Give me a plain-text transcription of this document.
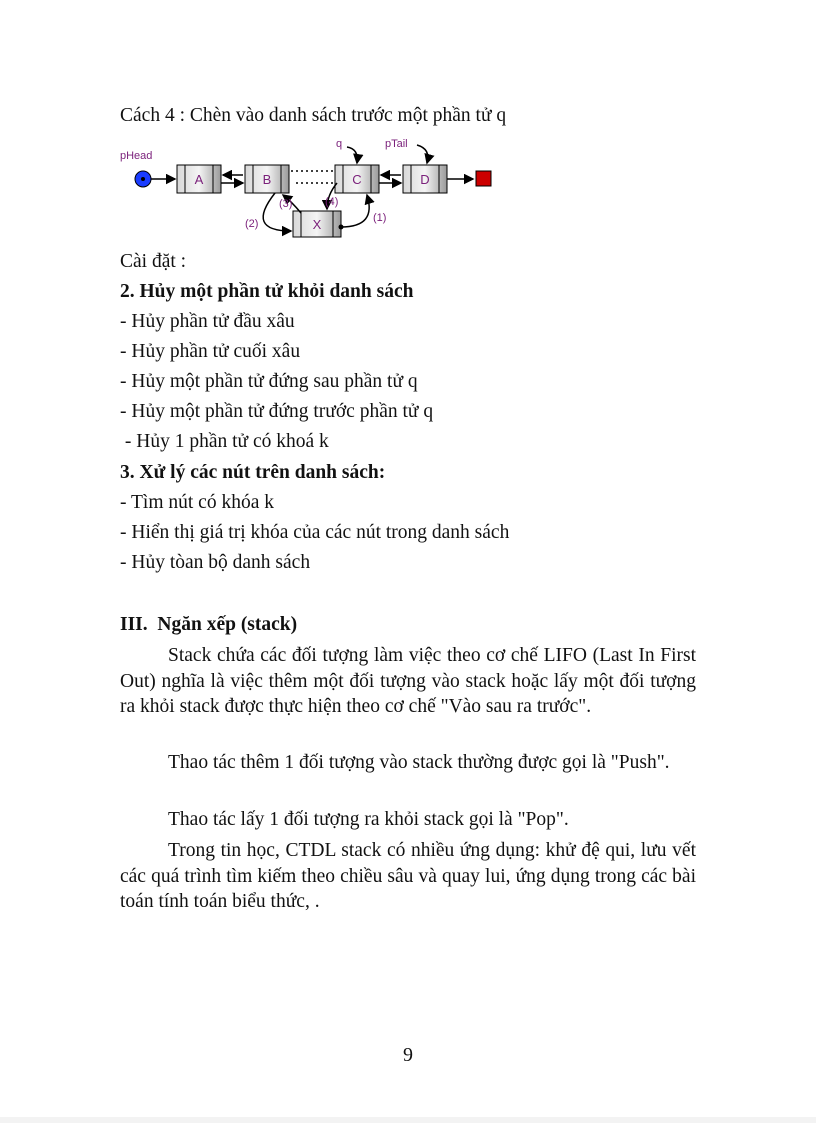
Cách 4 : Chèn vào danh sách trước một phần tử q
pHead
q	pTail
A	B	C	D
X	(1)
(2)
(3)	(4)
Cài đặt :
2. Hủy một phần tử khỏi danh sách
- Hủy phần tử đầu xâu
- Hủy phần tử cuối xâu
- Hủy một phần tử đứng sau phần tử q
- Hủy một phần tử đứng trước phần tử q
- Hủy 1 phần tử có khoá k
3. Xử lý các nút trên danh sách:
- Tìm nút có khóa k
- Hiển thị giá trị khóa của các nút trong danh sách
- Hủy tòan bộ danh sách
III.  Ngăn xếp (stack)
Stack chứa các đối tượng làm việc theo cơ chế LIFO (Last In First Out) nghĩa là việc thêm một đối tượng vào stack hoặc lấy một đối tượng ra khỏi stack được thực hiện theo cơ chế "Vào sau ra trước".
Thao tác thêm 1 đối tượng vào stack thường được gọi là "Push".
Thao tác lấy 1 đối tượng ra khỏi stack gọi là "Pop".
Trong tin học, CTDL stack có nhiều ứng dụng: khử đệ qui, lưu vết các quá trình tìm kiếm theo chiều sâu và quay lui, ứng dụng trong các bài toán tính toán biểu thức, .
9
